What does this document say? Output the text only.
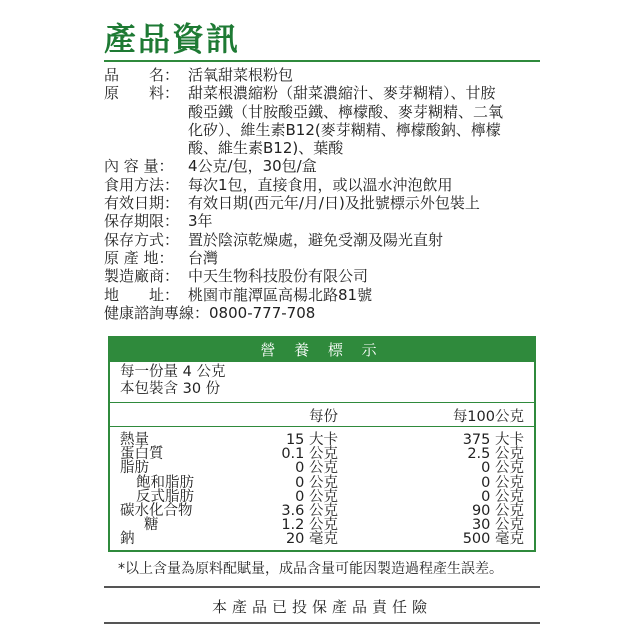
產品資訊
品　　名： 活氧甜菜根粉包
原　　料： 甜菜根濃縮粉（甜菜濃縮汁、麥芽糊精）、甘胺
酸亞鐵（甘胺酸亞鐵、檸檬酸、麥芽糊精、二氧
化矽）、維生素B12(麥芽糊精、檸檬酸鈉、檸檬
酸、維生素B12)、葉酸
內 容 量： 4公克/包，30包/盒
食用方法： 每次1包，直接食用，或以溫水沖泡飲用
有效日期： 有效日期(西元年/月/日)及批號標示外包裝上
保存期限： 3年
保存方式： 置於陰涼乾燥處，避免受潮及陽光直射
原 產 地： 台灣
製造廠商： 中天生物科技股份有限公司
地　　址： 桃園市龍潭區高楊北路81號
健康諮詢專線： 0800-777-708
營 養 標 示
每一份量 4 公克
本包裝含 30 份
每份	每100公克
熱量	15 大卡	375 大卡
蛋白質	0.1 公克	2.5 公克
脂肪	0 公克	0 公克
飽和脂肪	0 公克	0 公克
反式脂肪	0 公克	0 公克
碳水化合物	3.6 公克	90 公克
糖	1.2 公克	30 公克
鈉	20 毫克	500 毫克
*以上含量為原料配賦量，成品含量可能因製造過程產生誤差。
本產品已投保產品責任險
